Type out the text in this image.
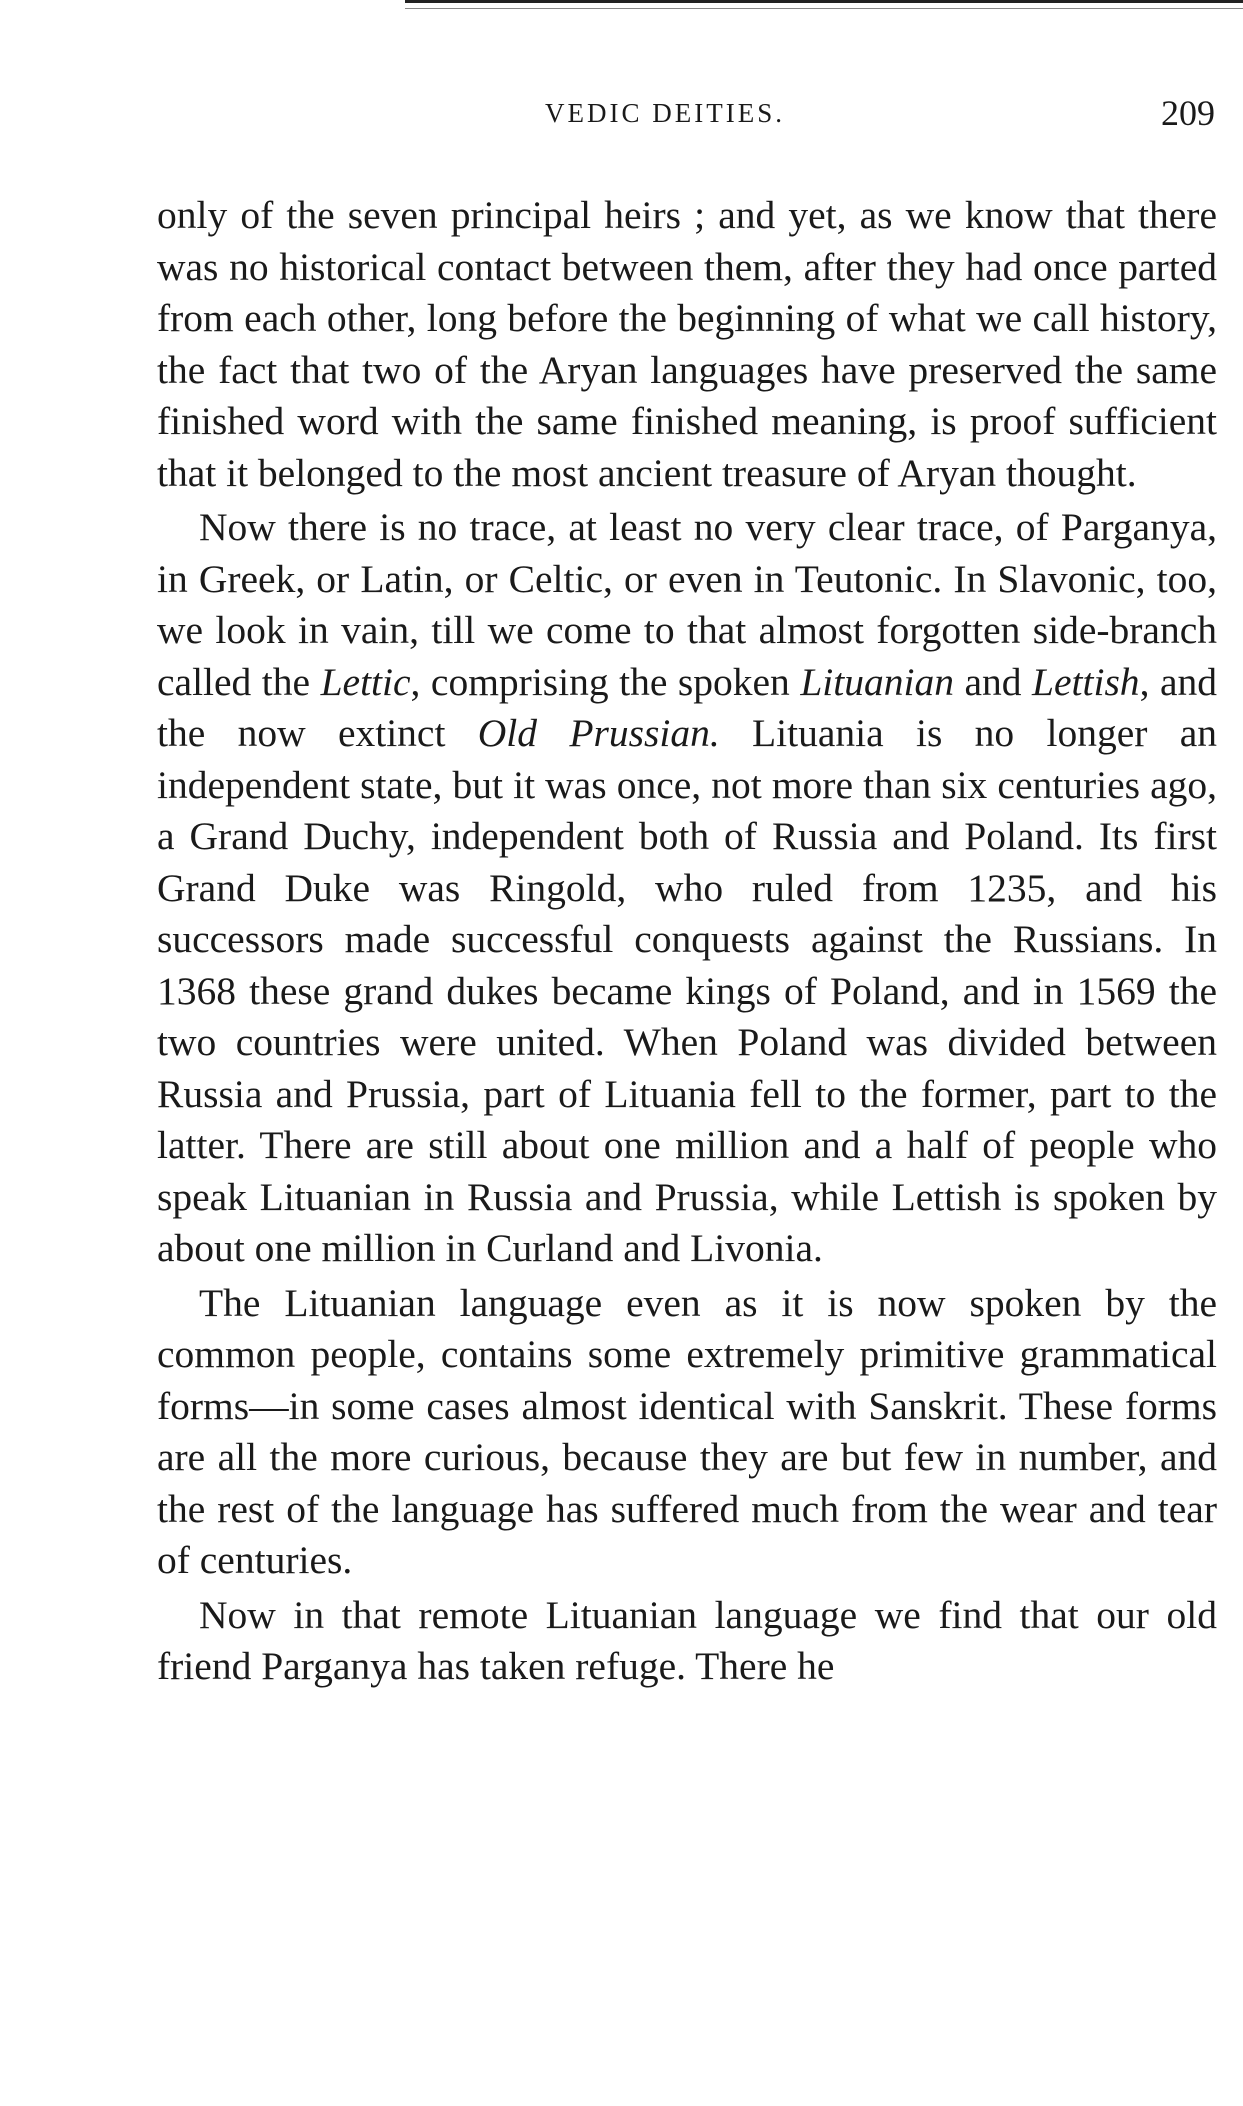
VEDIC DEITIES.	209

only of the seven principal heirs ; and yet, as we know that there was no historical contact between them, after they had once parted from each other, long before the beginning of what we call history, the fact that two of the Aryan languages have preserved the same finished word with the same finished meaning, is proof sufficient that it belonged to the most ancient treasure of Aryan thought.

Now there is no trace, at least no very clear trace, of Parganya, in Greek, or Latin, or Celtic, or even in Teutonic. In Slavonic, too, we look in vain, till we come to that almost forgotten side-branch called the Lettic, comprising the spoken Lituanian and Lettish, and the now extinct Old Prussian. Lituania is no longer an independent state, but it was once, not more than six centuries ago, a Grand Duchy, independent both of Russia and Poland. Its first Grand Duke was Ringold, who ruled from 1235, and his successors made successful conquests against the Russians. In 1368 these grand dukes became kings of Poland, and in 1569 the two countries were united. When Poland was divided between Russia and Prussia, part of Lituania fell to the former, part to the latter. There are still about one million and a half of people who speak Lituanian in Russia and Prussia, while Lettish is spoken by about one million in Curland and Livonia.

The Lituanian language even as it is now spoken by the common people, contains some extremely primitive grammatical forms—in some cases almost identical with Sanskrit. These forms are all the more curious, because they are but few in number, and the rest of the language has suffered much from the wear and tear of centuries.

Now in that remote Lituanian language we find that our old friend Parganya has taken refuge. There he
